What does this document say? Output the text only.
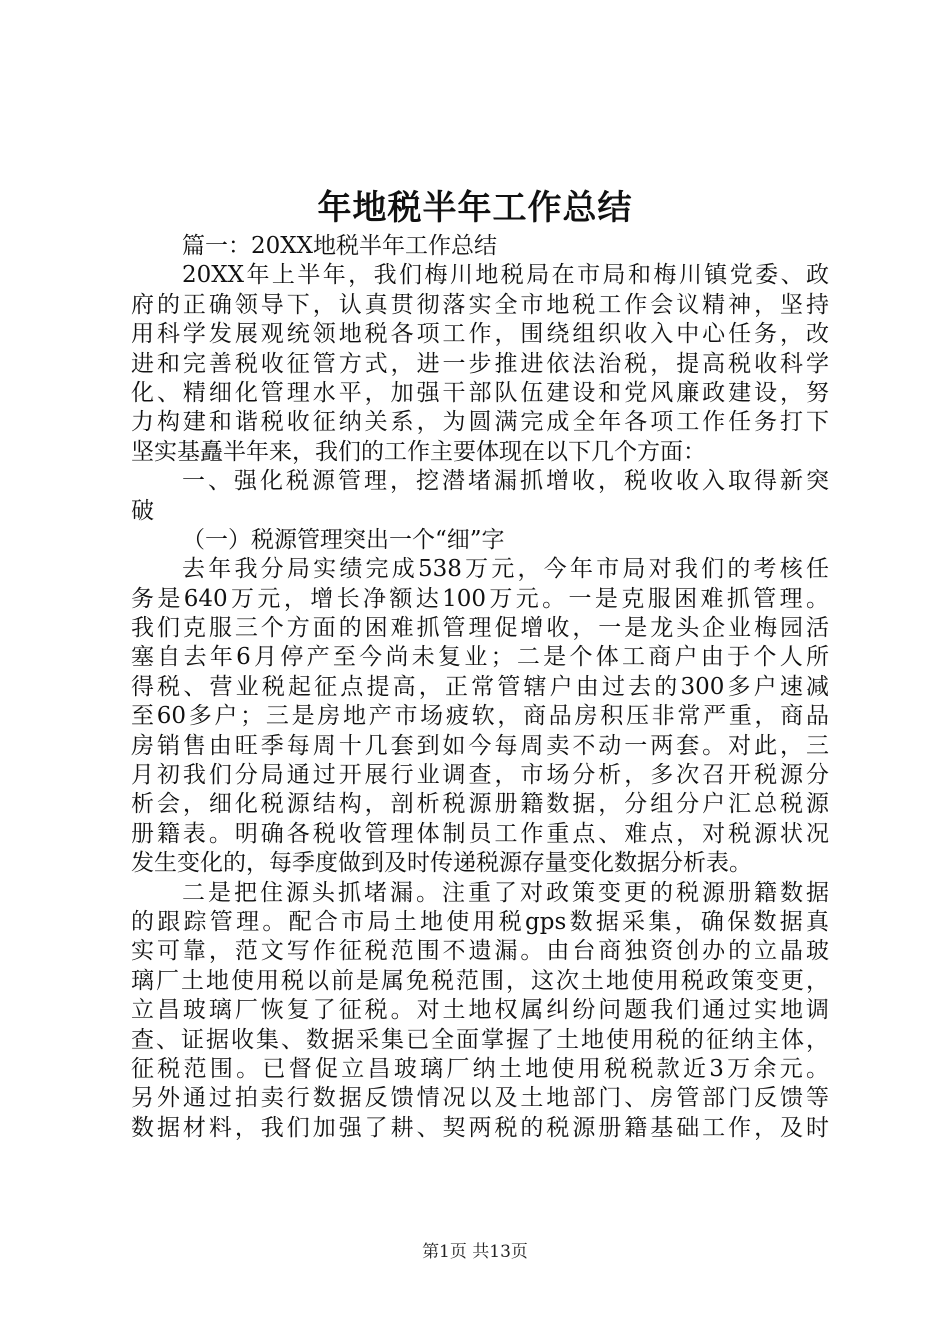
年地税半年工作总结
篇一：20XX地税半年工作总结
20XX年上半年，我们梅川地税局在市局和梅川镇党委、政
府的正确领导下，认真贯彻落实全市地税工作会议精神，坚持
用科学发展观统领地税各项工作，围绕组织收入中心任务，改
进和完善税收征管方式，进一步推进依法治税，提高税收科学
化、精细化管理水平，加强干部队伍建设和党风廉政建设，努
力构建和谐税收征纳关系，为圆满完成全年各项工作任务打下
坚实基矗半年来，我们的工作主要体现在以下几个方面：
一、强化税源管理，挖潜堵漏抓增收，税收收入取得新突
破
（一）税源管理突出一个“细”字
去年我分局实绩完成538万元，今年市局对我们的考核任
务是640万元，增长净额达100万元。一是克服困难抓管理。
我们克服三个方面的困难抓管理促增收，一是龙头企业梅园活
塞自去年6月停产至今尚未复业；二是个体工商户由于个人所
得税、营业税起征点提高，正常管辖户由过去的300多户速减
至60多户；三是房地产市场疲软，商品房积压非常严重，商品
房销售由旺季每周十几套到如今每周卖不动一两套。对此，三
月初我们分局通过开展行业调查，市场分析，多次召开税源分
析会，细化税源结构，剖析税源册籍数据，分组分户汇总税源
册籍表。明确各税收管理体制员工作重点、难点，对税源状况
发生变化的，每季度做到及时传递税源存量变化数据分析表。
二是把住源头抓堵漏。注重了对政策变更的税源册籍数据
的跟踪管理。配合市局土地使用税gps数据采集，确保数据真
实可靠，范文写作征税范围不遗漏。由台商独资创办的立晶玻
璃厂土地使用税以前是属免税范围，这次土地使用税政策变更，
立昌玻璃厂恢复了征税。对土地权属纠纷问题我们通过实地调
查、证据收集、数据采集已全面掌握了土地使用税的征纳主体，
征税范围。已督促立昌玻璃厂纳土地使用税税款近3万余元。
另外通过拍卖行数据反馈情况以及土地部门、房管部门反馈等
数据材料，我们加强了耕、契两税的税源册籍基础工作，及时
第1页 共13页
